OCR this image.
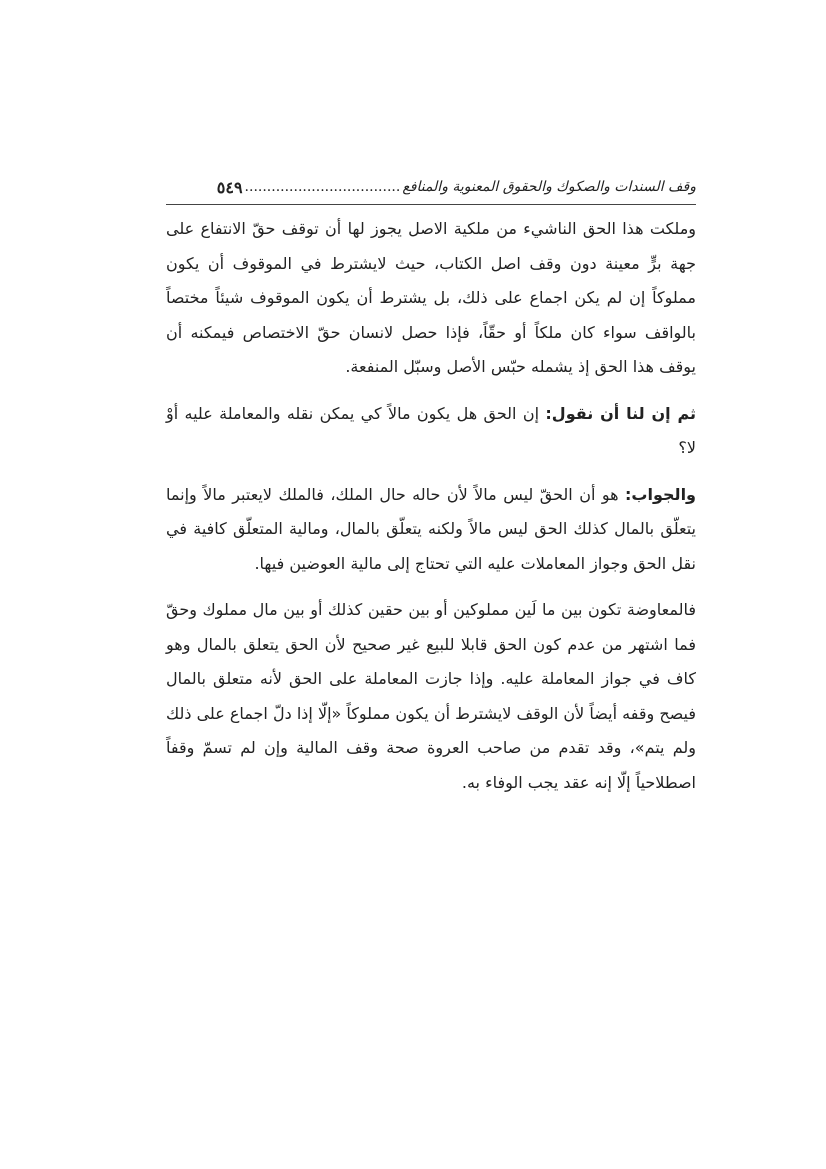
وقف السندات والصكوك والحقوق المعنوية والمنافع
...................................
٥٤٩

وملكت هذا الحق الناشيء من ملكية الاصل يجوز لها أن توقف حقّ الانتفاع على جهة برٍّ معينة دون وقف اصل الكتاب، حيث لايشترط في الموقوف أن يكون مملوكاً إن لم يكن اجماع على ذلك، بل يشترط أن يكون الموقوف شيئاً مختصاً بالواقف سواء كان ملكاً أو حقّاً، فإذا حصل لانسان حقّ الاختصاص فيمكنه أن يوقف هذا الحق إذ يشمله حبّس الأصل وسبّل المنفعة.

ثم إن لنا أن نقول: إن الحق هل يكون مالاً كي يمكن نقله والمعاملة عليه أوْ لا؟

والجواب: هو أن الحقّ ليس مالاً لأن حاله حال الملك، فالملك لايعتبر مالاً وإنما يتعلّق بالمال كذلك الحق ليس مالاً ولكنه يتعلّق بالمال، ومالية المتعلّق كافية في نقل الحق وجواز المعاملات عليه التي تحتاج إلى مالية العوضين فيها.

فالمعاوضة تكون بين ما لَين مملوكين أو بين حقين كذلك أو بين مال مملوك وحقّ فما اشتهر من عدم كون الحق قابلا للبيع غير صحيح لأن الحق يتعلق بالمال وهو كاف في جواز المعاملة عليه. وإذا جازت المعاملة على الحق لأنه متعلق بالمال فيصح وقفه أيضاً لأن الوقف لايشترط أن يكون مملوكاً «إلّا إذا دلّ اجماع على ذلك ولم يتم»، وقد تقدم من صاحب العروة صحة وقف المالية وإن لم تسمّ وقفاً اصطلاحياً إلّا إنه عقد يجب الوفاء به.
